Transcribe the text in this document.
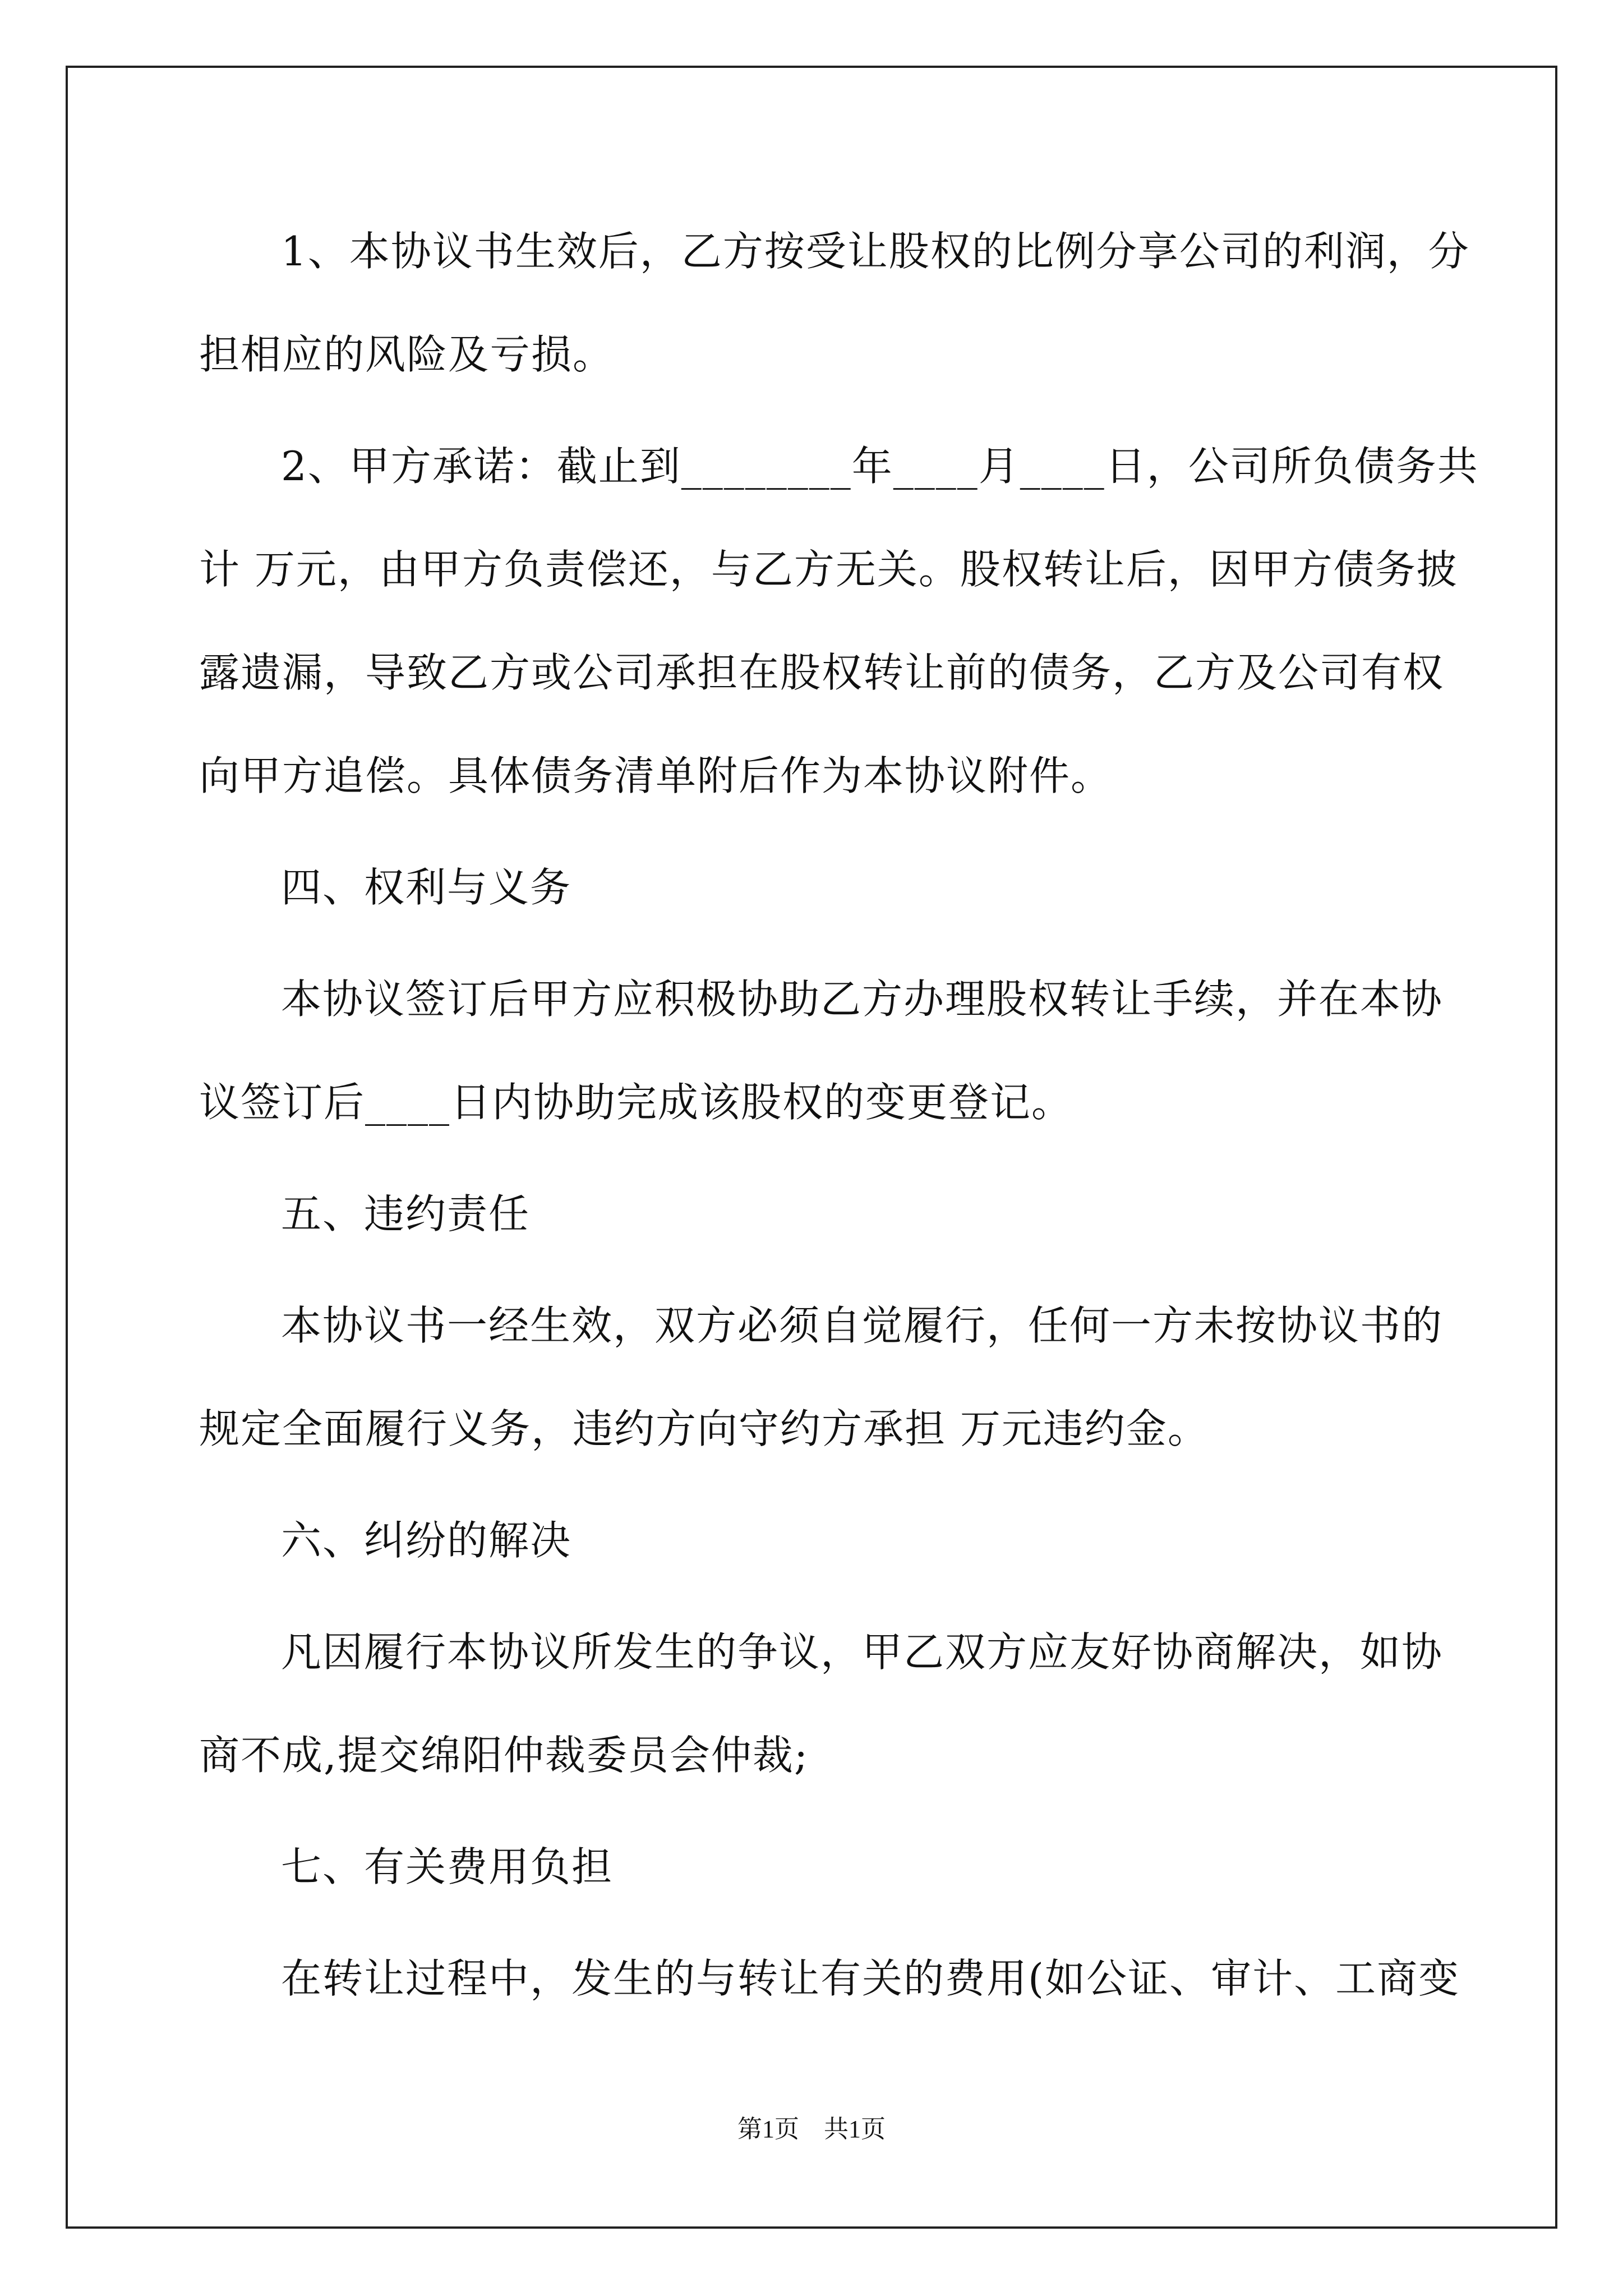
1、本协议书生效后，乙方按受让股权的比例分享公司的利润，分
担相应的风险及亏损。
2、甲方承诺：截止到________年____月____日，公司所负债务共
计 万元，由甲方负责偿还，与乙方无关。股权转让后，因甲方债务披
露遗漏，导致乙方或公司承担在股权转让前的债务，乙方及公司有权
向甲方追偿。具体债务清单附后作为本协议附件。
四、权利与义务
本协议签订后甲方应积极协助乙方办理股权转让手续，并在本协
议签订后____日内协助完成该股权的变更登记。
五、违约责任
本协议书一经生效，双方必须自觉履行，任何一方未按协议书的
规定全面履行义务，违约方向守约方承担 万元违约金。
六、纠纷的解决
凡因履行本协议所发生的争议，甲乙双方应友好协商解决，如协
商不成,提交绵阳仲裁委员会仲裁;
七、有关费用负担
在转让过程中，发生的与转让有关的费用(如公证、审计、工商变
第1页　共1页
